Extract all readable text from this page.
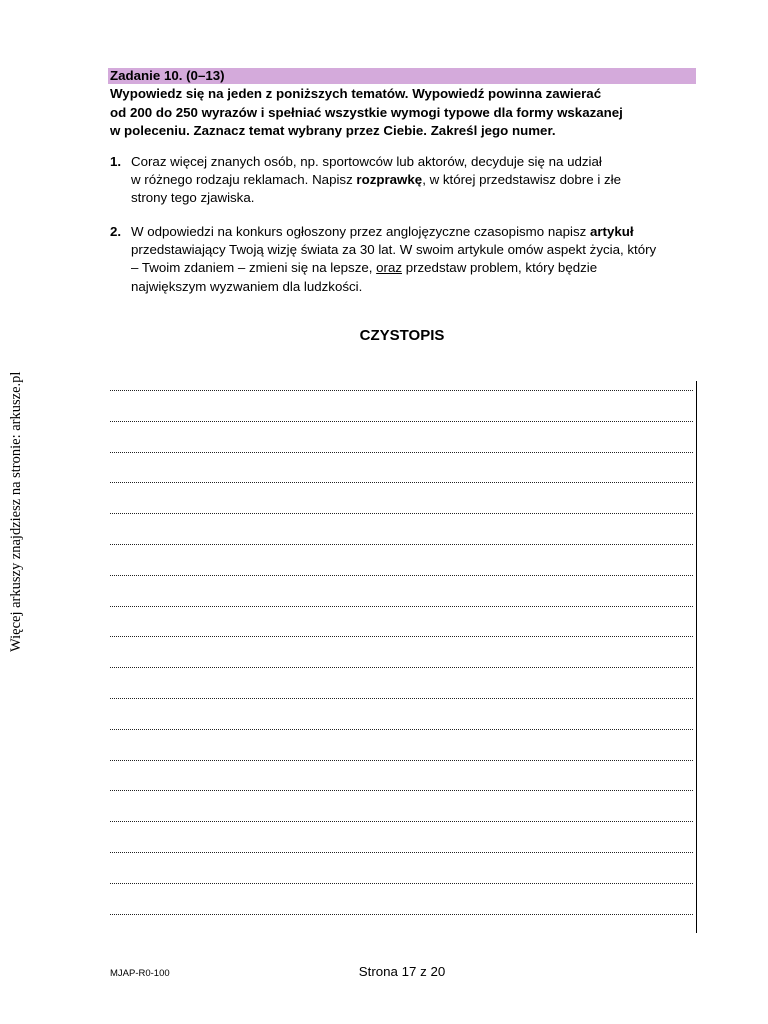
Więcej arkuszy znajdziesz na stronie: arkusze.pl
Zadanie 10. (0–13)

Wypowiedz się na jeden z poniższych tematów. Wypowiedź powinna zawierać

od 200 do 250 wyrazów i spełniać wszystkie wymogi typowe dla formy wskazanej

w poleceniu. Zaznacz temat wybrany przez Ciebie. Zakreśl jego numer.

1. Coraz więcej znanych osób, np. sportowców lub aktorów, decyduje się na udział
w różnego rodzaju reklamach. Napisz rozprawkę, w której przedstawisz dobre i złe
strony tego zjawiska.
2. W odpowiedzi na konkurs ogłoszony przez anglojęzyczne czasopismo napisz artykuł
przedstawiający Twoją wizję świata za 30 lat. W swoim artykule omów aspekt życia, który
– Twoim zdaniem – zmieni się na lepsze, oraz przedstaw problem, który będzie
największym wyzwaniem dla ludzkości.
CZYSTOPIS
MJAP-R0-100	Strona 17 z 20
